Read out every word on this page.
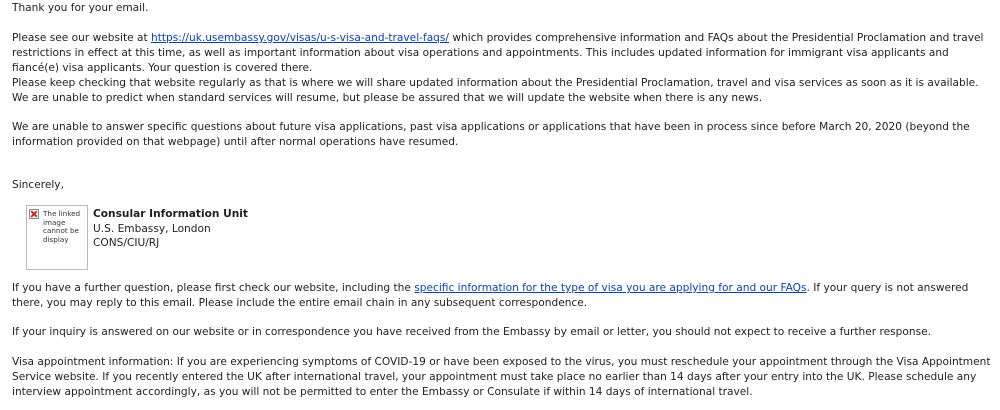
Thank you for your email.

Please see our website at https://uk.usembassy.gov/visas/u-s-visa-and-travel-faqs/ which provides comprehensive information and FAQs about the Presidential Proclamation and travel restrictions in effect at this time, as well as important information about visa operations and appointments. This includes updated information for immigrant visa applicants and fiancé(e) visa applicants. Your question is covered there.

Please keep checking that website regularly as that is where we will share updated information about the Presidential Proclamation, travel and visa services as soon as it is available. We are unable to predict when standard services will resume, but please be assured that we will update the website when there is any news.

We are unable to answer specific questions about future visa applications, past visa applications or applications that have been in process since before March 20, 2020 (beyond the information provided on that webpage) until after normal operations have resumed.

Sincerely,

The linked image cannot be display
Consular Information Unit
U.S. Embassy, London
CONS/CIU/RJ

If you have a further question, please first check our website, including the specific information for the type of visa you are applying for and our FAQs. If your query is not answered there, you may reply to this email. Please include the entire email chain in any subsequent correspondence.

If your inquiry is answered on our website or in correspondence you have received from the Embassy by email or letter, you should not expect to receive a further response.

Visa appointment information: If you are experiencing symptoms of COVID-19 or have been exposed to the virus, you must reschedule your appointment through the Visa Appointment Service website. If you recently entered the UK after international travel, your appointment must take place no earlier than 14 days after your entry into the UK. Please schedule any interview appointment accordingly, as you will not be permitted to enter the Embassy or Consulate if within 14 days of international travel.
